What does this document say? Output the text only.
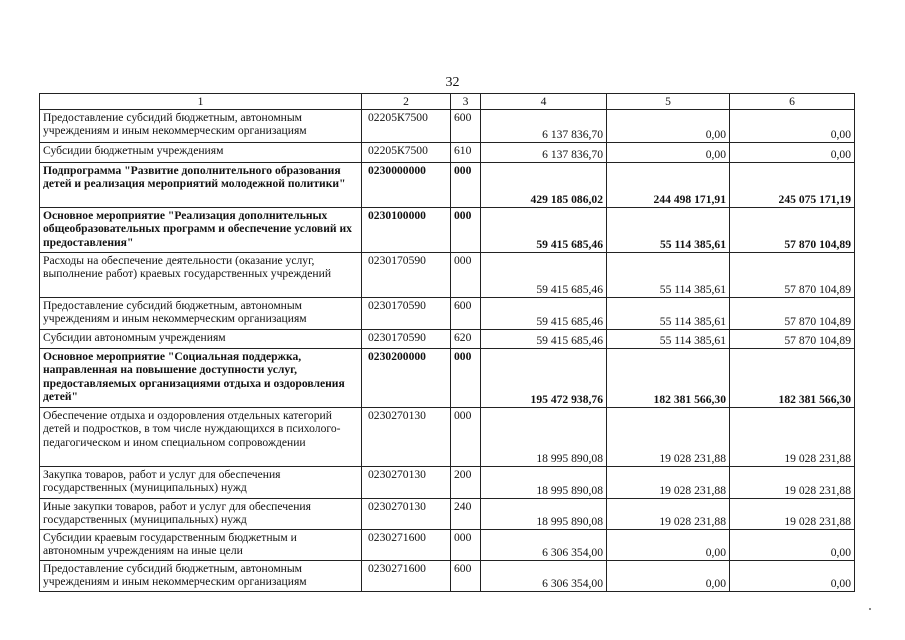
32
1	2	3	4	5	6
Предоставление субсидий бюджетным, автономным учреждениям и иным некоммерческим организациям	02205К7500	600	6 137 836,70	0,00	0,00
Субсидии бюджетным учреждениям	02205К7500	610	6 137 836,70	0,00	0,00
Подпрограмма "Развитие дополнительного образования детей и реализация мероприятий молодежной политики"	0230000000	000	429 185 086,02	244 498 171,91	245 075 171,19
Основное мероприятие "Реализация дополнительных общеобразовательных программ и обеспечение условий их предоставления"	0230100000	000	59 415 685,46	55 114 385,61	57 870 104,89
Расходы на обеспечение деятельности (оказание услуг, выполнение работ) краевых государственных учреждений	0230170590	000	59 415 685,46	55 114 385,61	57 870 104,89
Предоставление субсидий бюджетным, автономным учреждениям и иным некоммерческим организациям	0230170590	600	59 415 685,46	55 114 385,61	57 870 104,89
Субсидии автономным учреждениям	0230170590	620	59 415 685,46	55 114 385,61	57 870 104,89
Основное мероприятие "Социальная поддержка, направленная на повышение доступности услуг, предоставляемых организациями отдыха и оздоровления детей"	0230200000	000	195 472 938,76	182 381 566,30	182 381 566,30
Обеспечение отдыха и оздоровления отдельных категорий детей и подростков, в том числе нуждающихся в психолого-педагогическом и ином специальном сопровождении	0230270130	000	18 995 890,08	19 028 231,88	19 028 231,88
Закупка товаров, работ и услуг для обеспечения государственных (муниципальных) нужд	0230270130	200	18 995 890,08	19 028 231,88	19 028 231,88
Иные закупки товаров, работ и услуг для обеспечения государственных (муниципальных) нужд	0230270130	240	18 995 890,08	19 028 231,88	19 028 231,88
Субсидии краевым государственным бюджетным и автономным учреждениям на иные цели	0230271600	000	6 306 354,00	0,00	0,00
Предоставление субсидий бюджетным, автономным учреждениям и иным некоммерческим организациям	0230271600	600	6 306 354,00	0,00	0,00
